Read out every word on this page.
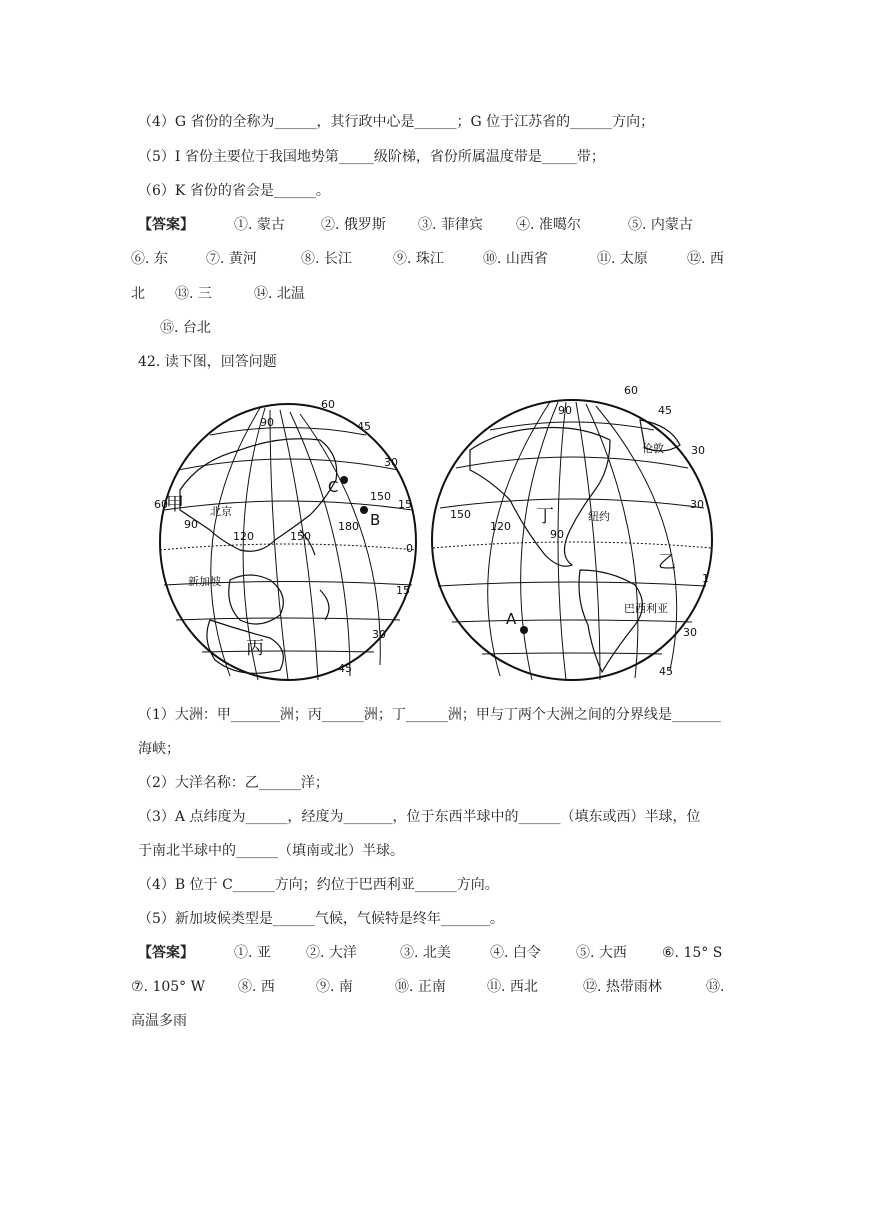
（4）G 省份的全称为______，其行政中心是______；G 位于江苏省的______方向；
（5）I 省份主要位于我国地势第_____级阶梯，省份所属温度带是_____带；
（6）K 省份的省会是______。
【答案】	①. 蒙古	②. 俄罗斯 ③. 菲律宾 ④. 准噶尔	⑤. 内蒙古
⑥. 东	⑦. 黄河	⑧. 长江	⑨. 珠江	⑩. 山西省	⑪. 太原	⑫. 西
北 ⑬. 三	⑭. 北温
⑮. 台北
42. 读下图，回答问题
90
60
45
30
15
0
15
30
45
60
90
120	150
180
150
甲 北京
新加坡
丙
C
B
90
60
45
30
30
30
45
1
150
120
90
伦敦
丁	纽约
乙
巴西利亚
A
（1）大洲：甲_______洲；丙______洲；丁______洲；甲与丁两个大洲之间的分界线是_______
海峡；
（2）大洋名称：乙______洋；
（3）A 点纬度为______，经度为_______，位于东西半球中的______（填东或西）半球，位
于南北半球中的______（填南或北）半球。
（4）B 位于 C______方向；约位于巴西利亚______方向。
（5）新加坡候类型是______气候，气候特是终年_______。
【答案】	①. 亚	②. 大洋	③. 北美	④. 白令	⑤. 大西	⑥. 15° S
⑦. 105° W ⑧. 西	⑨. 南	⑩. 正南	⑪. 西北	⑫. 热带雨林	⑬.
高温多雨
